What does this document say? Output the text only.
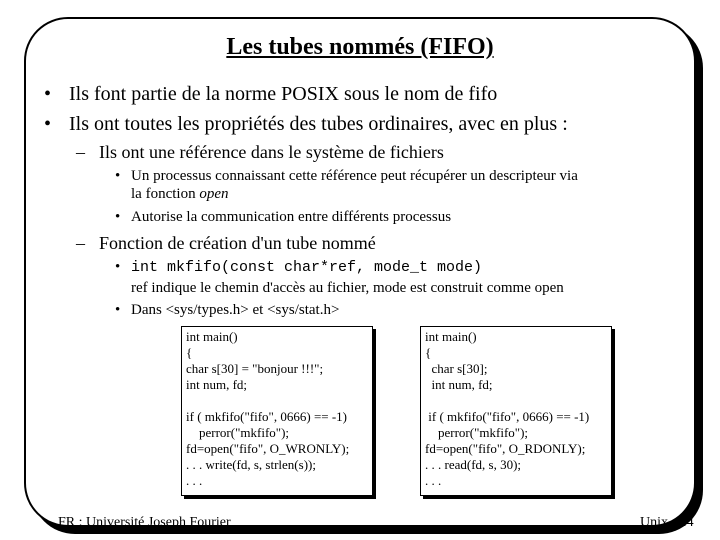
Les tubes nommés (FIFO)
• Ils font partie de la norme POSIX sous le nom de fifo
• Ils ont toutes les propriétés des tubes ordinaires, avec en plus :
– Ils ont une référence dans le système de fichiers
• Un processus connaissant cette référence peut récupérer un descripteur via
la fonction open
• Autorise la communication entre différents processus
– Fonction de création d'un tube nommé
• int mkfifo(const char*ref, mode_t mode)
ref indique le chemin d'accès au fichier, mode est construit comme open
• Dans <sys/types.h> et <sys/stat.h>
int main()
{
char s[30] = "bonjour !!!";
int num, fd;
if ( mkfifo("fifo", 0666) == -1)
perror("mkfifo");
fd=open("fifo", O_WRONLY);
. . . write(fd, s, strlen(s));
. . .
int main()
{
char s[30];
int num, fd;
if ( mkfifo("fifo", 0666) == -1)
perror("mkfifo");
fd=open("fifo", O_RDONLY);
. . . read(fd, s, 30);
. . .
FR : Université Joseph Fourier	Unix - 14
